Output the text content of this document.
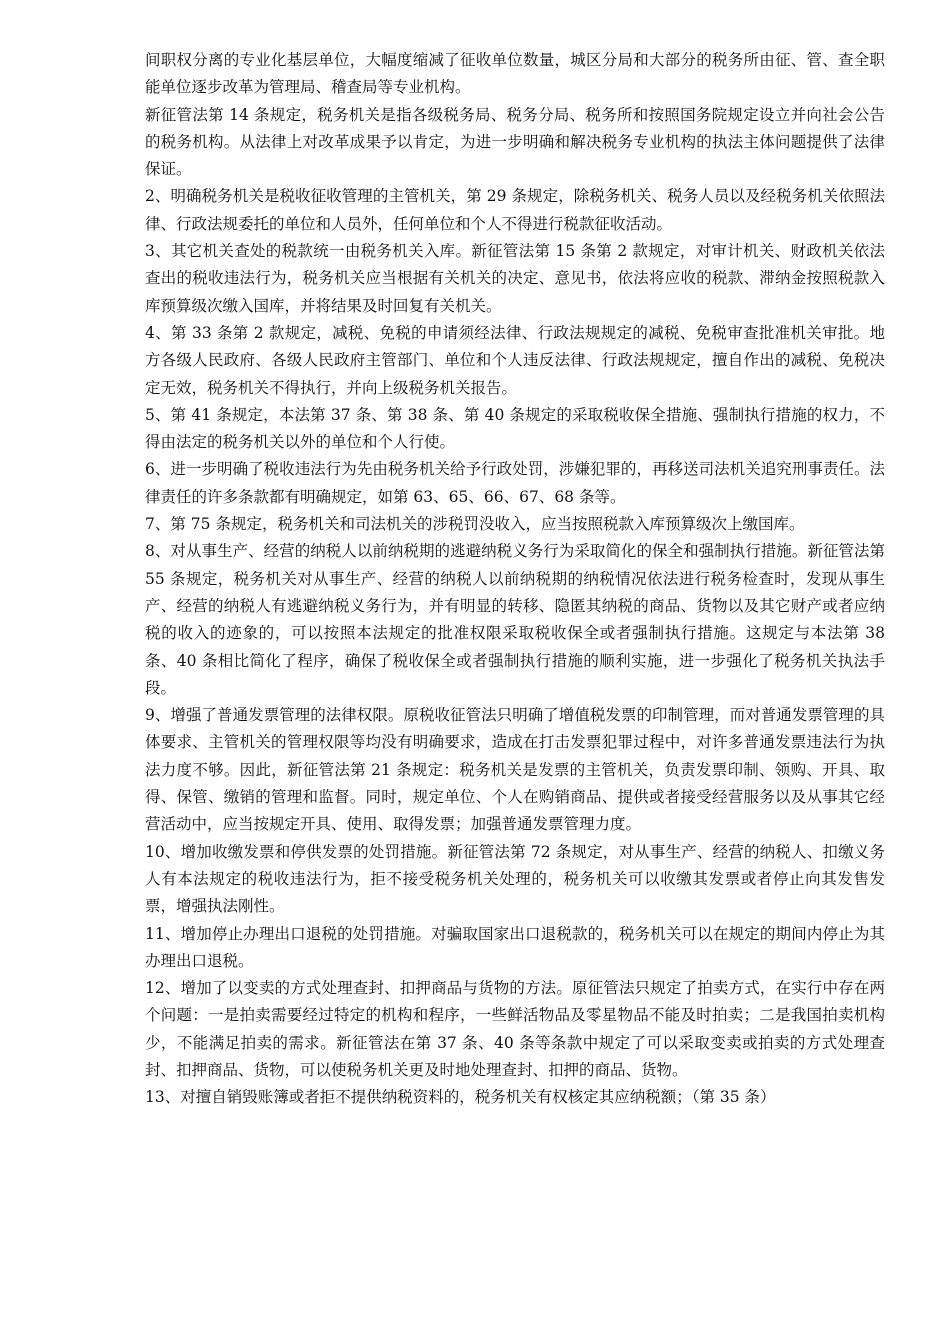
间职权分离的专业化基层单位，大幅度缩减了征收单位数量，城区分局和大部分的税务所由征、管、查全职能单位逐步改革为管理局、稽查局等专业机构。

新征管法第 14 条规定，税务机关是指各级税务局、税务分局、税务所和按照国务院规定设立并向社会公告的税务机构。从法律上对改革成果予以肯定，为进一步明确和解决税务专业机构的执法主体问题提供了法律保证。

2、明确税务机关是税收征收管理的主管机关，第 29 条规定，除税务机关、税务人员以及经税务机关依照法律、行政法规委托的单位和人员外，任何单位和个人不得进行税款征收活动。

3、其它机关查处的税款统一由税务机关入库。新征管法第 15 条第 2 款规定，对审计机关、财政机关依法查出的税收违法行为，税务机关应当根据有关机关的决定、意见书，依法将应收的税款、滞纳金按照税款入库预算级次缴入国库，并将结果及时回复有关机关。

4、第 33 条第 2 款规定，减税、免税的申请须经法律、行政法规规定的减税、免税审查批准机关审批。地方各级人民政府、各级人民政府主管部门、单位和个人违反法律、行政法规规定，擅自作出的减税、免税决定无效，税务机关不得执行，并向上级税务机关报告。

5、第 41 条规定，本法第 37 条、第 38 条、第 40 条规定的采取税收保全措施、强制执行措施的权力，不得由法定的税务机关以外的单位和个人行使。

6、进一步明确了税收违法行为先由税务机关给予行政处罚，涉嫌犯罪的，再移送司法机关追究刑事责任。法律责任的许多条款都有明确规定，如第 63、65、66、67、68 条等。

7、第 75 条规定，税务机关和司法机关的涉税罚没收入，应当按照税款入库预算级次上缴国库。

8、对从事生产、经营的纳税人以前纳税期的逃避纳税义务行为采取简化的保全和强制执行措施。新征管法第 55 条规定，税务机关对从事生产、经营的纳税人以前纳税期的纳税情况依法进行税务检查时，发现从事生产、经营的纳税人有逃避纳税义务行为，并有明显的转移、隐匿其纳税的商品、货物以及其它财产或者应纳税的收入的迹象的，可以按照本法规定的批准权限采取税收保全或者强制执行措施。这规定与本法第 38 条、40 条相比简化了程序，确保了税收保全或者强制执行措施的顺利实施，进一步强化了税务机关执法手段。

9、增强了普通发票管理的法律权限。原税收征管法只明确了增值税发票的印制管理，而对普通发票管理的具体要求、主管机关的管理权限等均没有明确要求，造成在打击发票犯罪过程中，对许多普通发票违法行为执法力度不够。因此，新征管法第 21 条规定：税务机关是发票的主管机关，负责发票印制、领购、开具、取得、保管、缴销的管理和监督。同时，规定单位、个人在购销商品、提供或者接受经营服务以及从事其它经营活动中，应当按规定开具、使用、取得发票；加强普通发票管理力度。

10、增加收缴发票和停供发票的处罚措施。新征管法第 72 条规定，对从事生产、经营的纳税人、扣缴义务人有本法规定的税收违法行为，拒不接受税务机关处理的，税务机关可以收缴其发票或者停止向其发售发票，增强执法刚性。

11、增加停止办理出口退税的处罚措施。对骗取国家出口退税款的，税务机关可以在规定的期间内停止为其办理出口退税。

12、增加了以变卖的方式处理查封、扣押商品与货物的方法。原征管法只规定了拍卖方式，在实行中存在两个问题：一是拍卖需要经过特定的机构和程序，一些鲜活物品及零星物品不能及时拍卖；二是我国拍卖机构少，不能满足拍卖的需求。新征管法在第 37 条、40 条等条款中规定了可以采取变卖或拍卖的方式处理查封、扣押商品、货物，可以使税务机关更及时地处理查封、扣押的商品、货物。

13、对擅自销毁账簿或者拒不提供纳税资料的，税务机关有权核定其应纳税额；（第 35 条）
